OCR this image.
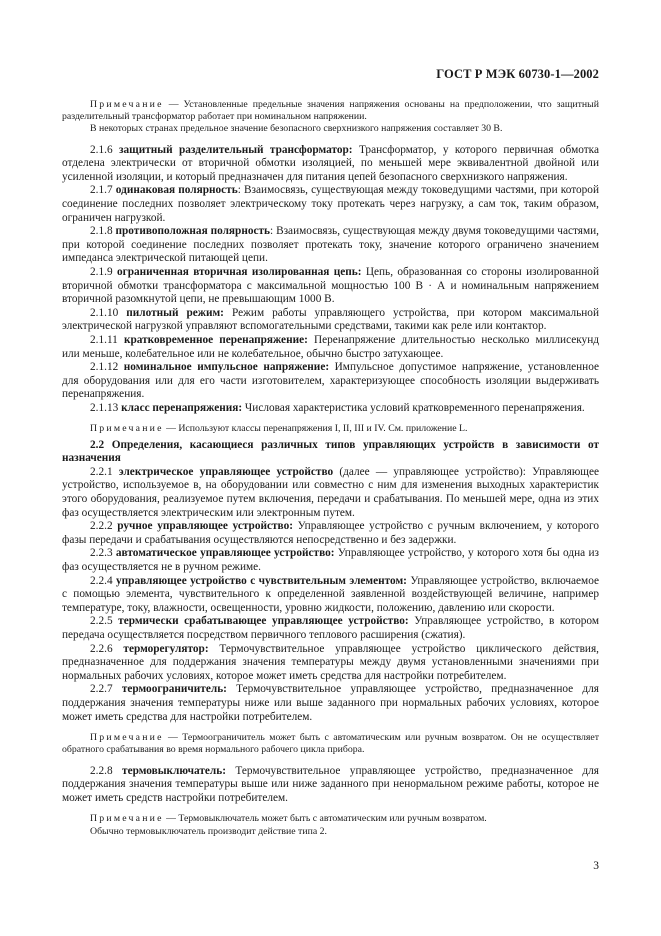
ГОСТ Р МЭК 60730-1—2002

Примечание — Установленные предельные значения напряжения основаны на предположении, что защитный разделительный трансформатор работает при номинальном напряжении.

В некоторых странах предельное значение безопасного сверхнизкого напряжения составляет 30 В.

2.1.6 защитный разделительный трансформатор: Трансформатор, у которого первичная обмотка отделена электрически от вторичной обмотки изоляцией, по меньшей мере эквивалентной двойной или усиленной изоляции, и который предназначен для питания цепей безопасного сверхнизкого напряжения.

2.1.7 одинаковая полярность: Взаимосвязь, существующая между токоведущими частями, при которой соединение последних позволяет электрическому току протекать через нагрузку, а сам ток, таким образом, ограничен нагрузкой.

2.1.8 противоположная полярность: Взаимосвязь, существующая между двумя токоведущими частями, при которой соединение последних позволяет протекать току, значение которого ограничено значением импеданса электрической питающей цепи.

2.1.9 ограниченная вторичная изолированная цепь: Цепь, образованная со стороны изолированной вторичной обмотки трансформатора с максимальной мощностью 100 В · А и номинальным напряжением вторичной разомкнутой цепи, не превышающим 1000 В.

2.1.10 пилотный режим: Режим работы управляющего устройства, при котором максимальной электрической нагрузкой управляют вспомогательными средствами, такими как реле или контактор.

2.1.11 кратковременное перенапряжение: Перенапряжение длительностью несколько миллисекунд или меньше, колебательное или не колебательное, обычно быстро затухающее.

2.1.12 номинальное импульсное напряжение: Импульсное допустимое напряжение, установленное для оборудования или для его части изготовителем, характеризующее способность изоляции выдерживать перенапряжения.

2.1.13 класс перенапряжения: Числовая характеристика условий кратковременного перенапряжения.

Примечание — Используют классы перенапряжения I, II, III и IV. См. приложение L.

2.2 Определения, касающиеся различных типов управляющих устройств в зависимости от назначения

2.2.1 электрическое управляющее устройство (далее — управляющее устройство): Управляющее устройство, используемое в, на оборудовании или совместно с ним для изменения выходных характеристик этого оборудования, реализуемое путем включения, передачи и срабатывания. По меньшей мере, одна из этих фаз осуществляется электрическим или электронным путем.

2.2.2 ручное управляющее устройство: Управляющее устройство с ручным включением, у которого фазы передачи и срабатывания осуществляются непосредственно и без задержки.

2.2.3 автоматическое управляющее устройство: Управляющее устройство, у которого хотя бы одна из фаз осуществляется не в ручном режиме.

2.2.4 управляющее устройство с чувствительным элементом: Управляющее устройство, включаемое с помощью элемента, чувствительного к определенной заявленной воздействующей величине, например температуре, току, влажности, освещенности, уровню жидкости, положению, давлению или скорости.

2.2.5 термически срабатывающее управляющее устройство: Управляющее устройство, в котором передача осуществляется посредством первичного теплового расширения (сжатия).

2.2.6 терморегулятор: Термочувствительное управляющее устройство циклического действия, предназначенное для поддержания значения температуры между двумя установленными значениями при нормальных рабочих условиях, которое может иметь средства для настройки потребителем.

2.2.7 термоограничитель: Термочувствительное управляющее устройство, предназначенное для поддержания значения температуры ниже или выше заданного при нормальных рабочих условиях, которое может иметь средства для настройки потребителем.

Примечание — Термоограничитель может быть с автоматическим или ручным возвратом. Он не осуществляет обратного срабатывания во время нормального рабочего цикла прибора.

2.2.8 термовыключатель: Термочувствительное управляющее устройство, предназначенное для поддержания значения температуры выше или ниже заданного при ненормальном режиме работы, которое не может иметь средств настройки потребителем.

Примечание — Термовыключатель может быть с автоматическим или ручным возвратом.

Обычно термовыключатель производит действие типа 2.

3
